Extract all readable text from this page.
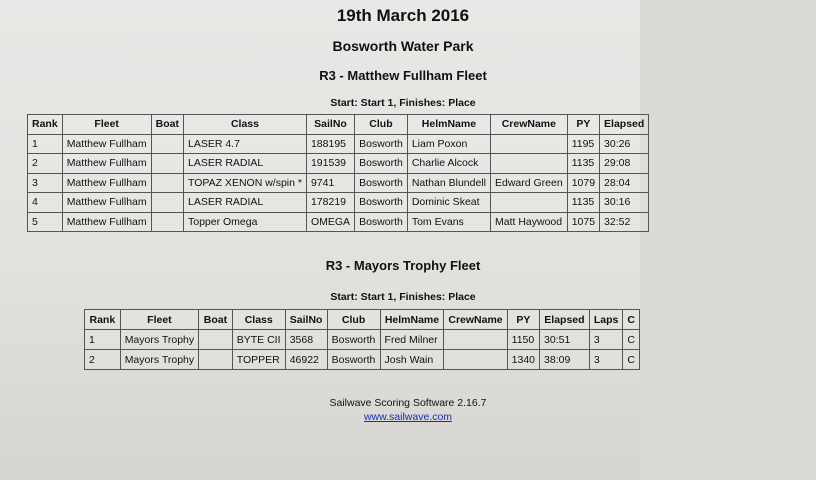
19th March 2016
Bosworth Water Park
R3 - Matthew Fullham Fleet
Start: Start 1, Finishes: Place
Rank	Fleet	Boat	Class	SailNo	Club	HelmName	CrewName	PY	Elapsed
1	Matthew Fullham		LASER 4.7	188195	Bosworth	Liam Poxon		1195	30:26
2	Matthew Fullham		LASER RADIAL	191539	Bosworth	Charlie Alcock		1135	29:08
3	Matthew Fullham		TOPAZ XENON w/spin *	9741	Bosworth	Nathan Blundell	Edward Green	1079	28:04
4	Matthew Fullham		LASER RADIAL	178219	Bosworth	Dominic Skeat		1135	30:16
5	Matthew Fullham		Topper Omega	OMEGA	Bosworth	Tom Evans	Matt Haywood	1075	32:52
R3 - Mayors Trophy Fleet
Start: Start 1, Finishes: Place
Rank	Fleet	Boat	Class	SailNo	Club	HelmName	CrewName	PY	Elapsed	Laps	C
1	Mayors Trophy		BYTE CII	3568	Bosworth	Fred Milner		1150	30:51	3	C
2	Mayors Trophy		TOPPER	46922	Bosworth	Josh Wain		1340	38:09	3	C
Sailwave Scoring Software 2.16.7
www.sailwave.com
